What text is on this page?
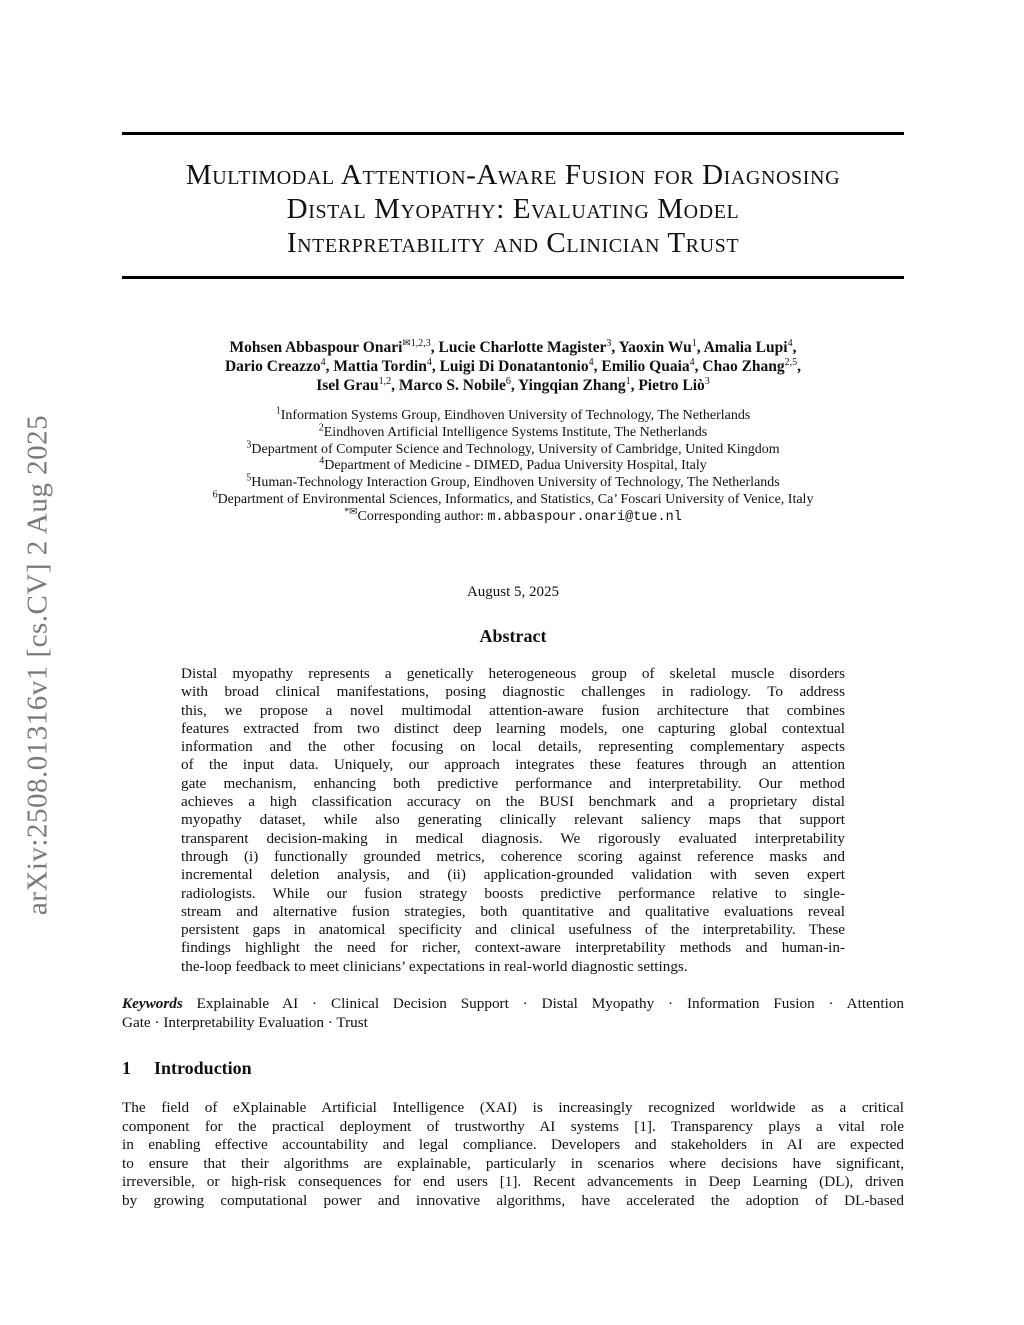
arXiv:2508.01316v1 [cs.CV] 2 Aug 2025
Multimodal Attention-Aware Fusion for Diagnosing
Distal Myopathy: Evaluating Model
Interpretability and Clinician Trust
Mohsen Abbaspour Onari$^{✉1,2,3}$, Lucie Charlotte Magister$^3$, Yaoxin Wu$^1$, Amalia Lupi$^4$,
Dario Creazzo$^4$, Mattia Tordin$^4$, Luigi Di Donatantonio$^4$, Emilio Quaia$^4$, Chao Zhang$^{2,5}$,
Isel Grau$^{1,2}$, Marco S. Nobile$^6$, Yingqian Zhang$^1$, Pietro Liò$^3$
$^1$Information Systems Group, Eindhoven University of Technology, The Netherlands
$^2$Eindhoven Artificial Intelligence Systems Institute, The Netherlands
$^3$Department of Computer Science and Technology, University of Cambridge, United Kingdom
$^4$Department of Medicine - DIMED, Padua University Hospital, Italy
$^5$Human-Technology Interaction Group, Eindhoven University of Technology, The Netherlands
$^6$Department of Environmental Sciences, Informatics, and Statistics, Ca’ Foscari University of Venice, Italy
*✉Corresponding author: m.abbaspour.onari@tue.nl
August 5, 2025
Abstract
Distal myopathy represents a genetically heterogeneous group of skeletal muscle disorders
with broad clinical manifestations, posing diagnostic challenges in radiology. To address
this, we propose a novel multimodal attention-aware fusion architecture that combines
features extracted from two distinct deep learning models, one capturing global contextual
information and the other focusing on local details, representing complementary aspects
of the input data. Uniquely, our approach integrates these features through an attention
gate mechanism, enhancing both predictive performance and interpretability. Our method
achieves a high classification accuracy on the BUSI benchmark and a proprietary distal
myopathy dataset, while also generating clinically relevant saliency maps that support
transparent decision-making in medical diagnosis. We rigorously evaluated interpretability
through (i) functionally grounded metrics, coherence scoring against reference masks and
incremental deletion analysis, and (ii) application-grounded validation with seven expert
radiologists. While our fusion strategy boosts predictive performance relative to single-
stream and alternative fusion strategies, both quantitative and qualitative evaluations reveal
persistent gaps in anatomical specificity and clinical usefulness of the interpretability. These
findings highlight the need for richer, context-aware interpretability methods and human-in-
the-loop feedback to meet clinicians’ expectations in real-world diagnostic settings.
Keywords Explainable AI · Clinical Decision Support · Distal Myopathy · Information Fusion · Attention
Gate · Interpretability Evaluation · Trust
1 Introduction
The field of eXplainable Artificial Intelligence (XAI) is increasingly recognized worldwide as a critical
component for the practical deployment of trustworthy AI systems [1]. Transparency plays a vital role
in enabling effective accountability and legal compliance. Developers and stakeholders in AI are expected
to ensure that their algorithms are explainable, particularly in scenarios where decisions have significant,
irreversible, or high-risk consequences for end users [1]. Recent advancements in Deep Learning (DL), driven
by growing computational power and innovative algorithms, have accelerated the adoption of DL-based
